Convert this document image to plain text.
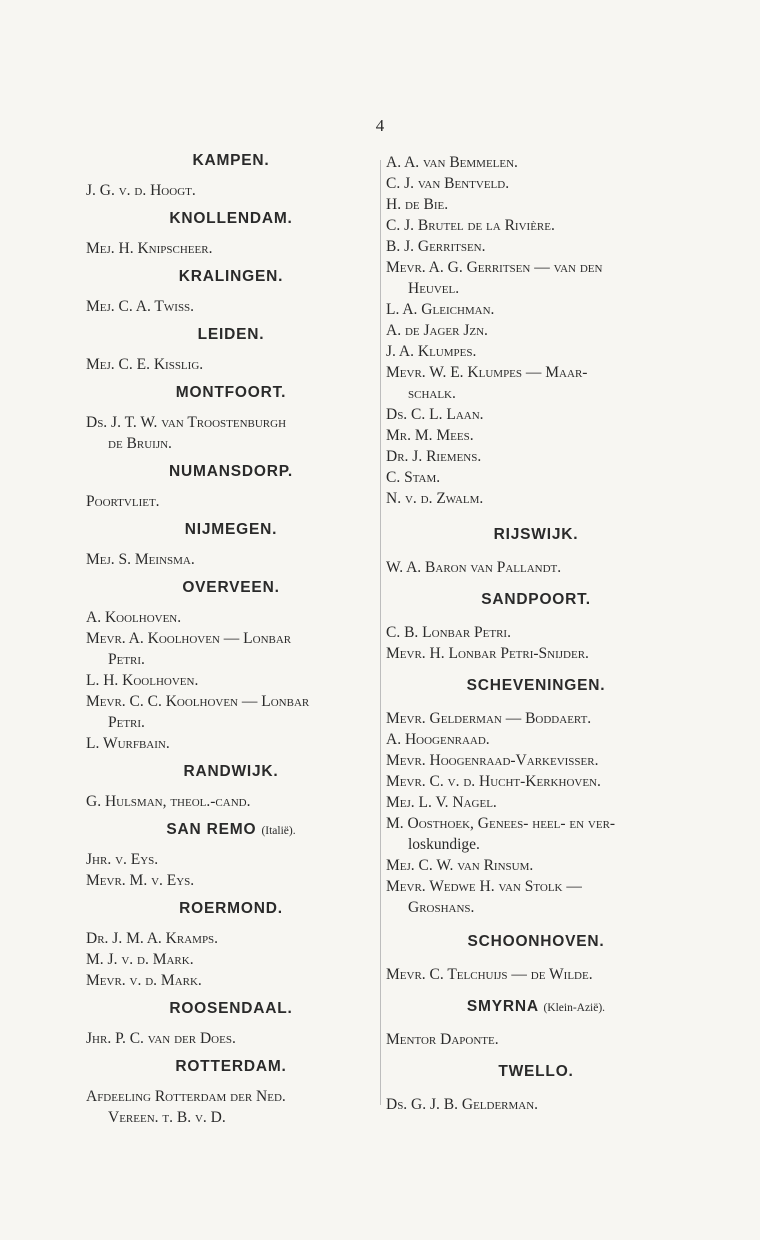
4
KAMPEN.

J. G. v. d. Hoogt.

KNOLLENDAM.

Mej. H. Knipscheer.

KRALINGEN.

Mej. C. A. Twiss.

LEIDEN.

Mej. C. E. Kisslig.

MONTFOORT.

Ds. J. T. W. van Troostenburgh

de Bruijn.

NUMANSDORP.

Poortvliet.

NIJMEGEN.

Mej. S. Meinsma.

OVERVEEN.

A. Koolhoven.

Mevr. A. Koolhoven — Lonbar

Petri.

L. H. Koolhoven.

Mevr. C. C. Koolhoven — Lonbar

Petri.

L. Wurfbain.

RANDWIJK.

G. Hulsman, theol.-cand.

SAN REMO (Italië).

Jhr. v. Eys.

Mevr. M. v. Eys.

ROERMOND.

Dr. J. M. A. Kramps.

M. J. v. d. Mark.

Mevr. v. d. Mark.

ROOSENDAAL.

Jhr. P. C. van der Does.

ROTTERDAM.

Afdeeling Rotterdam der Ned.

Vereen. t. B. v. D.

A. A. van Bemmelen.

C. J. van Bentveld.

H. de Bie.

C. J. Brutel de la Rivière.

B. J. Gerritsen.

Mevr. A. G. Gerritsen — van den

Heuvel.

L. A. Gleichman.

A. de Jager Jzn.

J. A. Klumpes.

Mevr. W. E. Klumpes — Maar-

schalk.

Ds. C. L. Laan.

Mr. M. Mees.

Dr. J. Riemens.

C. Stam.

N. v. d. Zwalm.

RIJSWIJK.

W. A. Baron van Pallandt.

SANDPOORT.

C. B. Lonbar Petri.

Mevr. H. Lonbar Petri-Snijder.

SCHEVENINGEN.

Mevr. Gelderman — Boddaert.

A. Hoogenraad.

Mevr. Hoogenraad-Varkevisser.

Mevr. C. v. d. Hucht-Kerkhoven.

Mej. L. V. Nagel.

M. Oosthoek, Genees- heel- en ver-

loskundige.

Mej. C. W. van Rinsum.

Mevr. Wedwe H. van Stolk —

Groshans.

SCHOONHOVEN.

Mevr. C. Telchuijs — de Wilde.

SMYRNA (Klein-Azië).

Mentor Daponte.

TWELLO.

Ds. G. J. B. Gelderman.
